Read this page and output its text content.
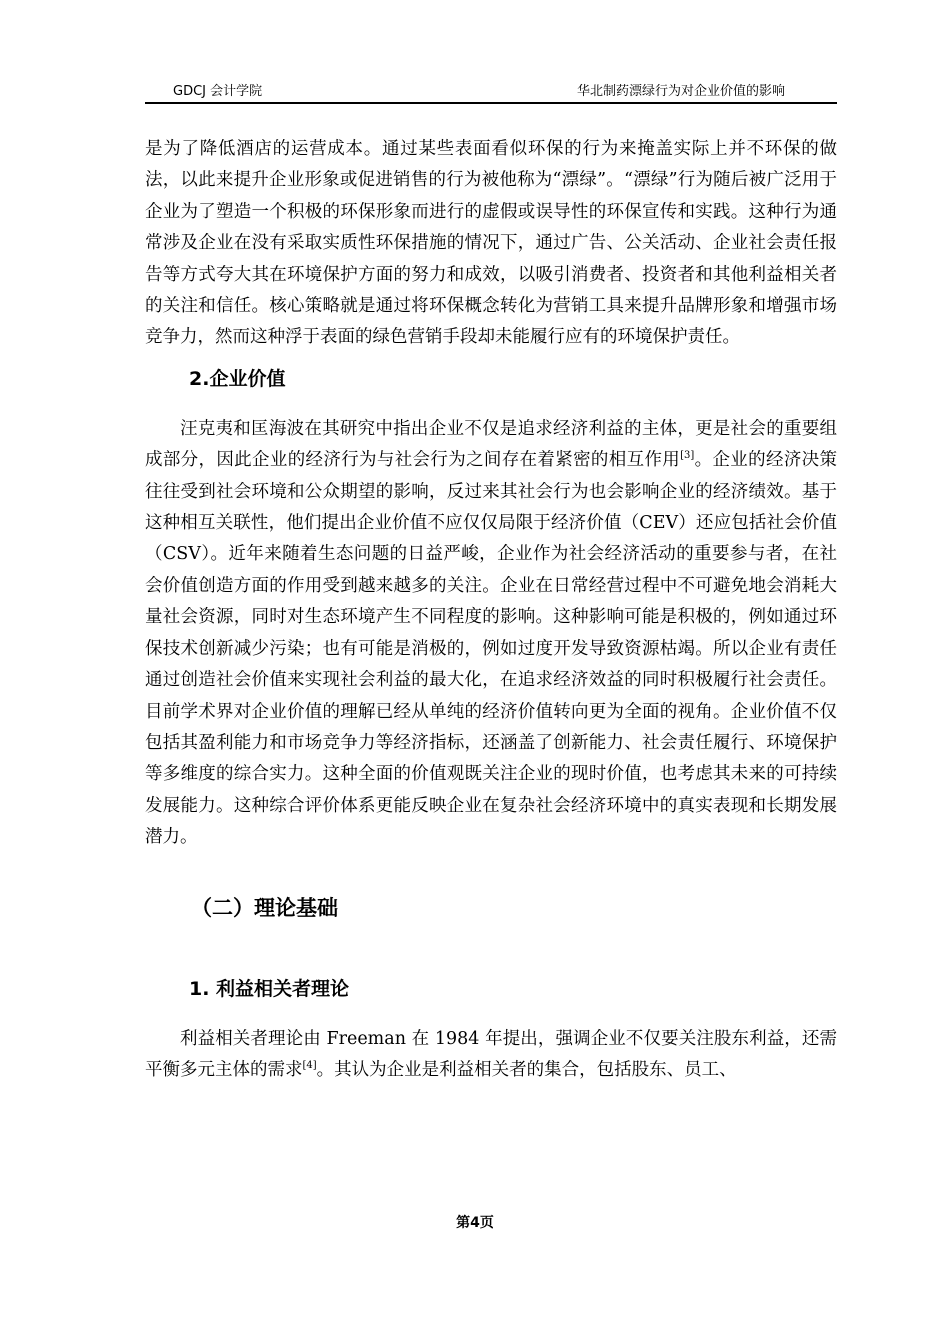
GDCJ 会计学院	华北制药漂绿行为对企业价值的影响

是为了降低酒店的运营成本。通过某些表面看似环保的行为来掩盖实际上并不环保的做法，以此来提升企业形象或促进销售的行为被他称为“漂绿”。“漂绿”行为随后被广泛用于企业为了塑造一个积极的环保形象而进行的虚假或误导性的环保宣传和实践。这种行为通常涉及企业在没有采取实质性环保措施的情况下，通过广告、公关活动、企业社会责任报告等方式夸大其在环境保护方面的努力和成效，以吸引消费者、投资者和其他利益相关者的关注和信任。核心策略就是通过将环保概念转化为营销工具来提升品牌形象和增强市场竞争力，然而这种浮于表面的绿色营销手段却未能履行应有的环境保护责任。

2.企业价值

汪克夷和匡海波在其研究中指出企业不仅是追求经济利益的主体，更是社会的重要组成部分，因此企业的经济行为与社会行为之间存在着紧密的相互作用[3]。企业的经济决策往往受到社会环境和公众期望的影响，反过来其社会行为也会影响企业的经济绩效。基于这种相互关联性，他们提出企业价值不应仅仅局限于经济价值（CEV）还应包括社会价值（CSV）。近年来随着生态问题的日益严峻，企业作为社会经济活动的重要参与者，在社会价值创造方面的作用受到越来越多的关注。企业在日常经营过程中不可避免地会消耗大量社会资源，同时对生态环境产生不同程度的影响。这种影响可能是积极的，例如通过环保技术创新减少污染；也有可能是消极的，例如过度开发导致资源枯竭。所以企业有责任通过创造社会价值来实现社会利益的最大化，在追求经济效益的同时积极履行社会责任。目前学术界对企业价值的理解已经从单纯的经济价值转向更为全面的视角。企业价值不仅包括其盈利能力和市场竞争力等经济指标，还涵盖了创新能力、社会责任履行、环境保护等多维度的综合实力。这种全面的价值观既关注企业的现时价值，也考虑其未来的可持续发展能力。这种综合评价体系更能反映企业在复杂社会经济环境中的真实表现和长期发展潜力。

（二）理论基础
1. 利益相关者理论

利益相关者理论由 Freeman 在 1984 年提出，强调企业不仅要关注股东利益，还需平衡多元主体的需求[4]。其认为企业是利益相关者的集合，包括股东、员工、

第4页
